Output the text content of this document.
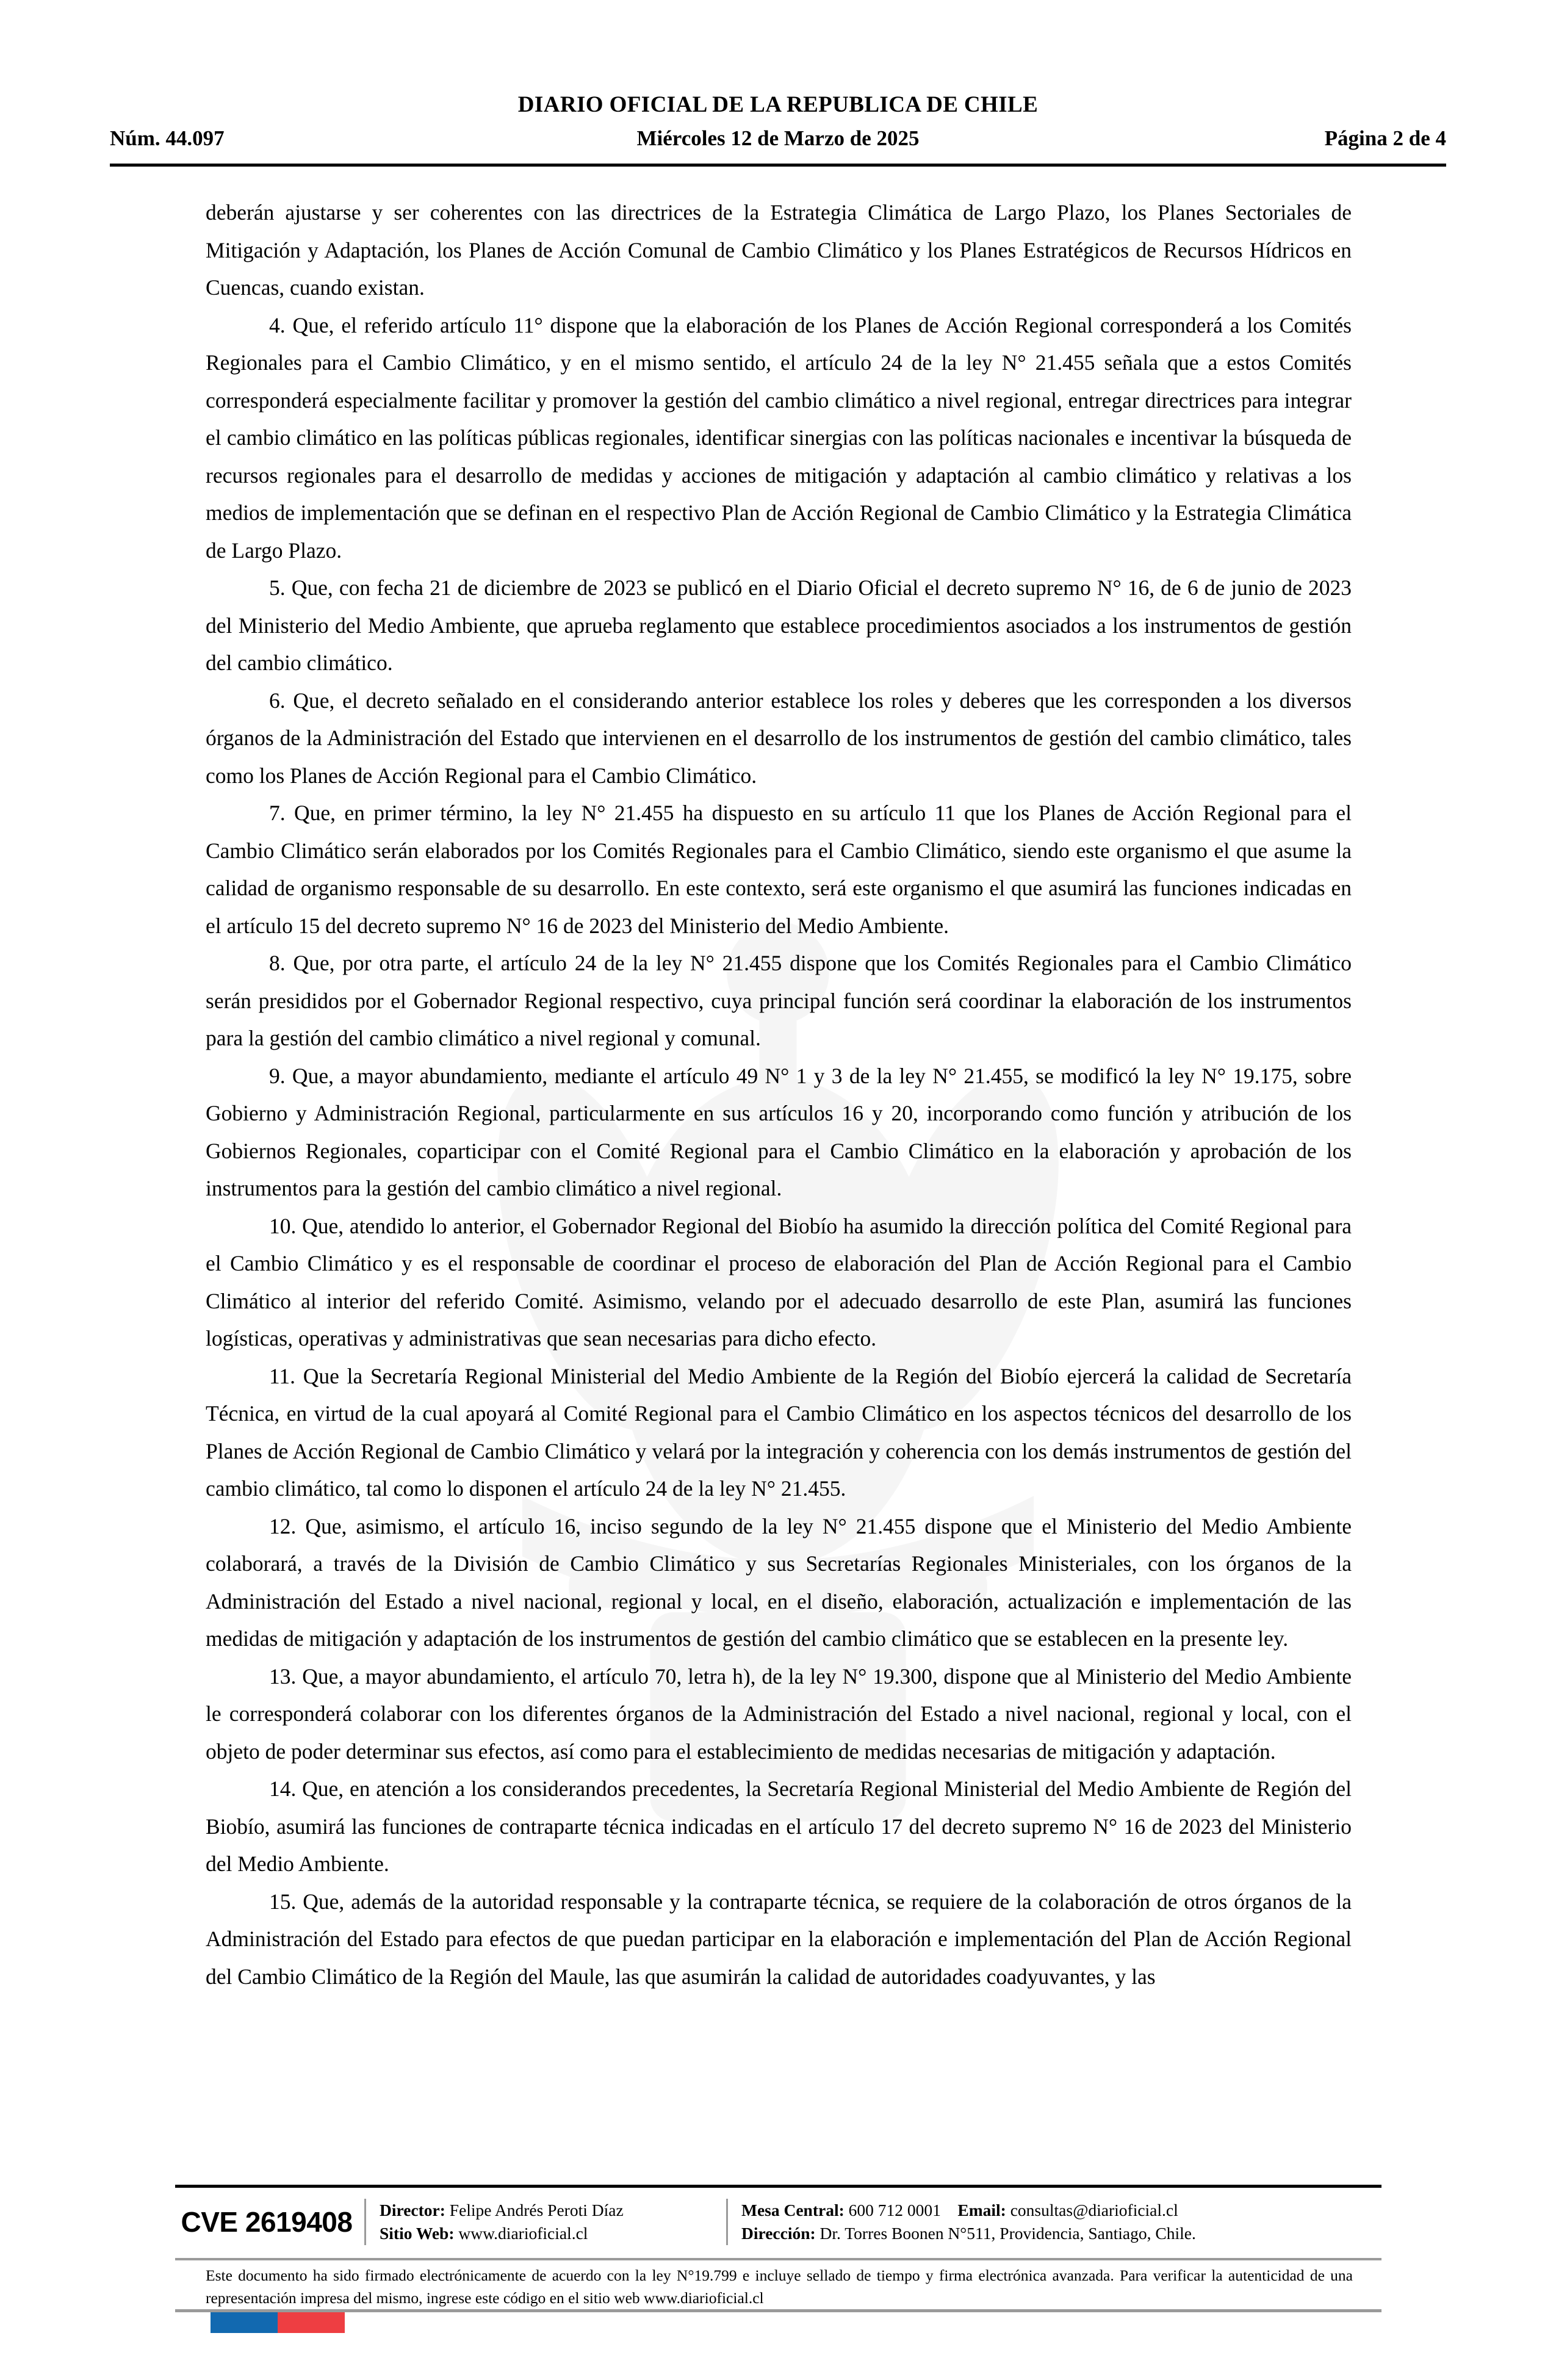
DIARIO OFICIAL DE LA REPUBLICA DE CHILE
Núm. 44.097	Miércoles 12 de Marzo de 2025	Página 2 de 4

deberán ajustarse y ser coherentes con las directrices de la Estrategia Climática de Largo Plazo, los Planes Sectoriales de Mitigación y Adaptación, los Planes de Acción Comunal de Cambio Climático y los Planes Estratégicos de Recursos Hídricos en Cuencas, cuando existan.

4. Que, el referido artículo 11° dispone que la elaboración de los Planes de Acción Regional corresponderá a los Comités Regionales para el Cambio Climático, y en el mismo sentido, el artículo 24 de la ley N° 21.455 señala que a estos Comités corresponderá especialmente facilitar y promover la gestión del cambio climático a nivel regional, entregar directrices para integrar el cambio climático en las políticas públicas regionales, identificar sinergias con las políticas nacionales e incentivar la búsqueda de recursos regionales para el desarrollo de medidas y acciones de mitigación y adaptación al cambio climático y relativas a los medios de implementación que se definan en el respectivo Plan de Acción Regional de Cambio Climático y la Estrategia Climática de Largo Plazo.

5. Que, con fecha 21 de diciembre de 2023 se publicó en el Diario Oficial el decreto supremo N° 16, de 6 de junio de 2023 del Ministerio del Medio Ambiente, que aprueba reglamento que establece procedimientos asociados a los instrumentos de gestión del cambio climático.

6. Que, el decreto señalado en el considerando anterior establece los roles y deberes que les corresponden a los diversos órganos de la Administración del Estado que intervienen en el desarrollo de los instrumentos de gestión del cambio climático, tales como los Planes de Acción Regional para el Cambio Climático.

7. Que, en primer término, la ley N° 21.455 ha dispuesto en su artículo 11 que los Planes de Acción Regional para el Cambio Climático serán elaborados por los Comités Regionales para el Cambio Climático, siendo este organismo el que asume la calidad de organismo responsable de su desarrollo. En este contexto, será este organismo el que asumirá las funciones indicadas en el artículo 15 del decreto supremo N° 16 de 2023 del Ministerio del Medio Ambiente.

8. Que, por otra parte, el artículo 24 de la ley N° 21.455 dispone que los Comités Regionales para el Cambio Climático serán presididos por el Gobernador Regional respectivo, cuya principal función será coordinar la elaboración de los instrumentos para la gestión del cambio climático a nivel regional y comunal.

9. Que, a mayor abundamiento, mediante el artículo 49 N° 1 y 3 de la ley N° 21.455, se modificó la ley N° 19.175, sobre Gobierno y Administración Regional, particularmente en sus artículos 16 y 20, incorporando como función y atribución de los Gobiernos Regionales, coparticipar con el Comité Regional para el Cambio Climático en la elaboración y aprobación de los instrumentos para la gestión del cambio climático a nivel regional.

10. Que, atendido lo anterior, el Gobernador Regional del Biobío ha asumido la dirección política del Comité Regional para el Cambio Climático y es el responsable de coordinar el proceso de elaboración del Plan de Acción Regional para el Cambio Climático al interior del referido Comité. Asimismo, velando por el adecuado desarrollo de este Plan, asumirá las funciones logísticas, operativas y administrativas que sean necesarias para dicho efecto.

11. Que la Secretaría Regional Ministerial del Medio Ambiente de la Región del Biobío ejercerá la calidad de Secretaría Técnica, en virtud de la cual apoyará al Comité Regional para el Cambio Climático en los aspectos técnicos del desarrollo de los Planes de Acción Regional de Cambio Climático y velará por la integración y coherencia con los demás instrumentos de gestión del cambio climático, tal como lo disponen el artículo 24 de la ley N° 21.455.

12. Que, asimismo, el artículo 16, inciso segundo de la ley N° 21.455 dispone que el Ministerio del Medio Ambiente colaborará, a través de la División de Cambio Climático y sus Secretarías Regionales Ministeriales, con los órganos de la Administración del Estado a nivel nacional, regional y local, en el diseño, elaboración, actualización e implementación de las medidas de mitigación y adaptación de los instrumentos de gestión del cambio climático que se establecen en la presente ley.

13. Que, a mayor abundamiento, el artículo 70, letra h), de la ley N° 19.300, dispone que al Ministerio del Medio Ambiente le corresponderá colaborar con los diferentes órganos de la Administración del Estado a nivel nacional, regional y local, con el objeto de poder determinar sus efectos, así como para el establecimiento de medidas necesarias de mitigación y adaptación.

14. Que, en atención a los considerandos precedentes, la Secretaría Regional Ministerial del Medio Ambiente de Región del Biobío, asumirá las funciones de contraparte técnica indicadas en el artículo 17 del decreto supremo N° 16 de 2023 del Ministerio del Medio Ambiente.

15. Que, además de la autoridad responsable y la contraparte técnica, se requiere de la colaboración de otros órganos de la Administración del Estado para efectos de que puedan participar en la elaboración e implementación del Plan de Acción Regional del Cambio Climático de la Región del Maule, las que asumirán la calidad de autoridades coadyuvantes, y las

CVE 2619408	Director: Felipe Andrés Peroti Díaz
Sitio Web: www.diarioficial.cl
Mesa Central: 600 712 0001 Email: consultas@diarioficial.cl
Dirección: Dr. Torres Boonen N°511, Providencia, Santiago, Chile.
Este documento ha sido firmado electrónicamente de acuerdo con la ley N°19.799 e incluye sellado de tiempo y firma electrónica avanzada. Para verificar la autenticidad de una representación impresa del mismo, ingrese este código en el sitio web www.diarioficial.cl
